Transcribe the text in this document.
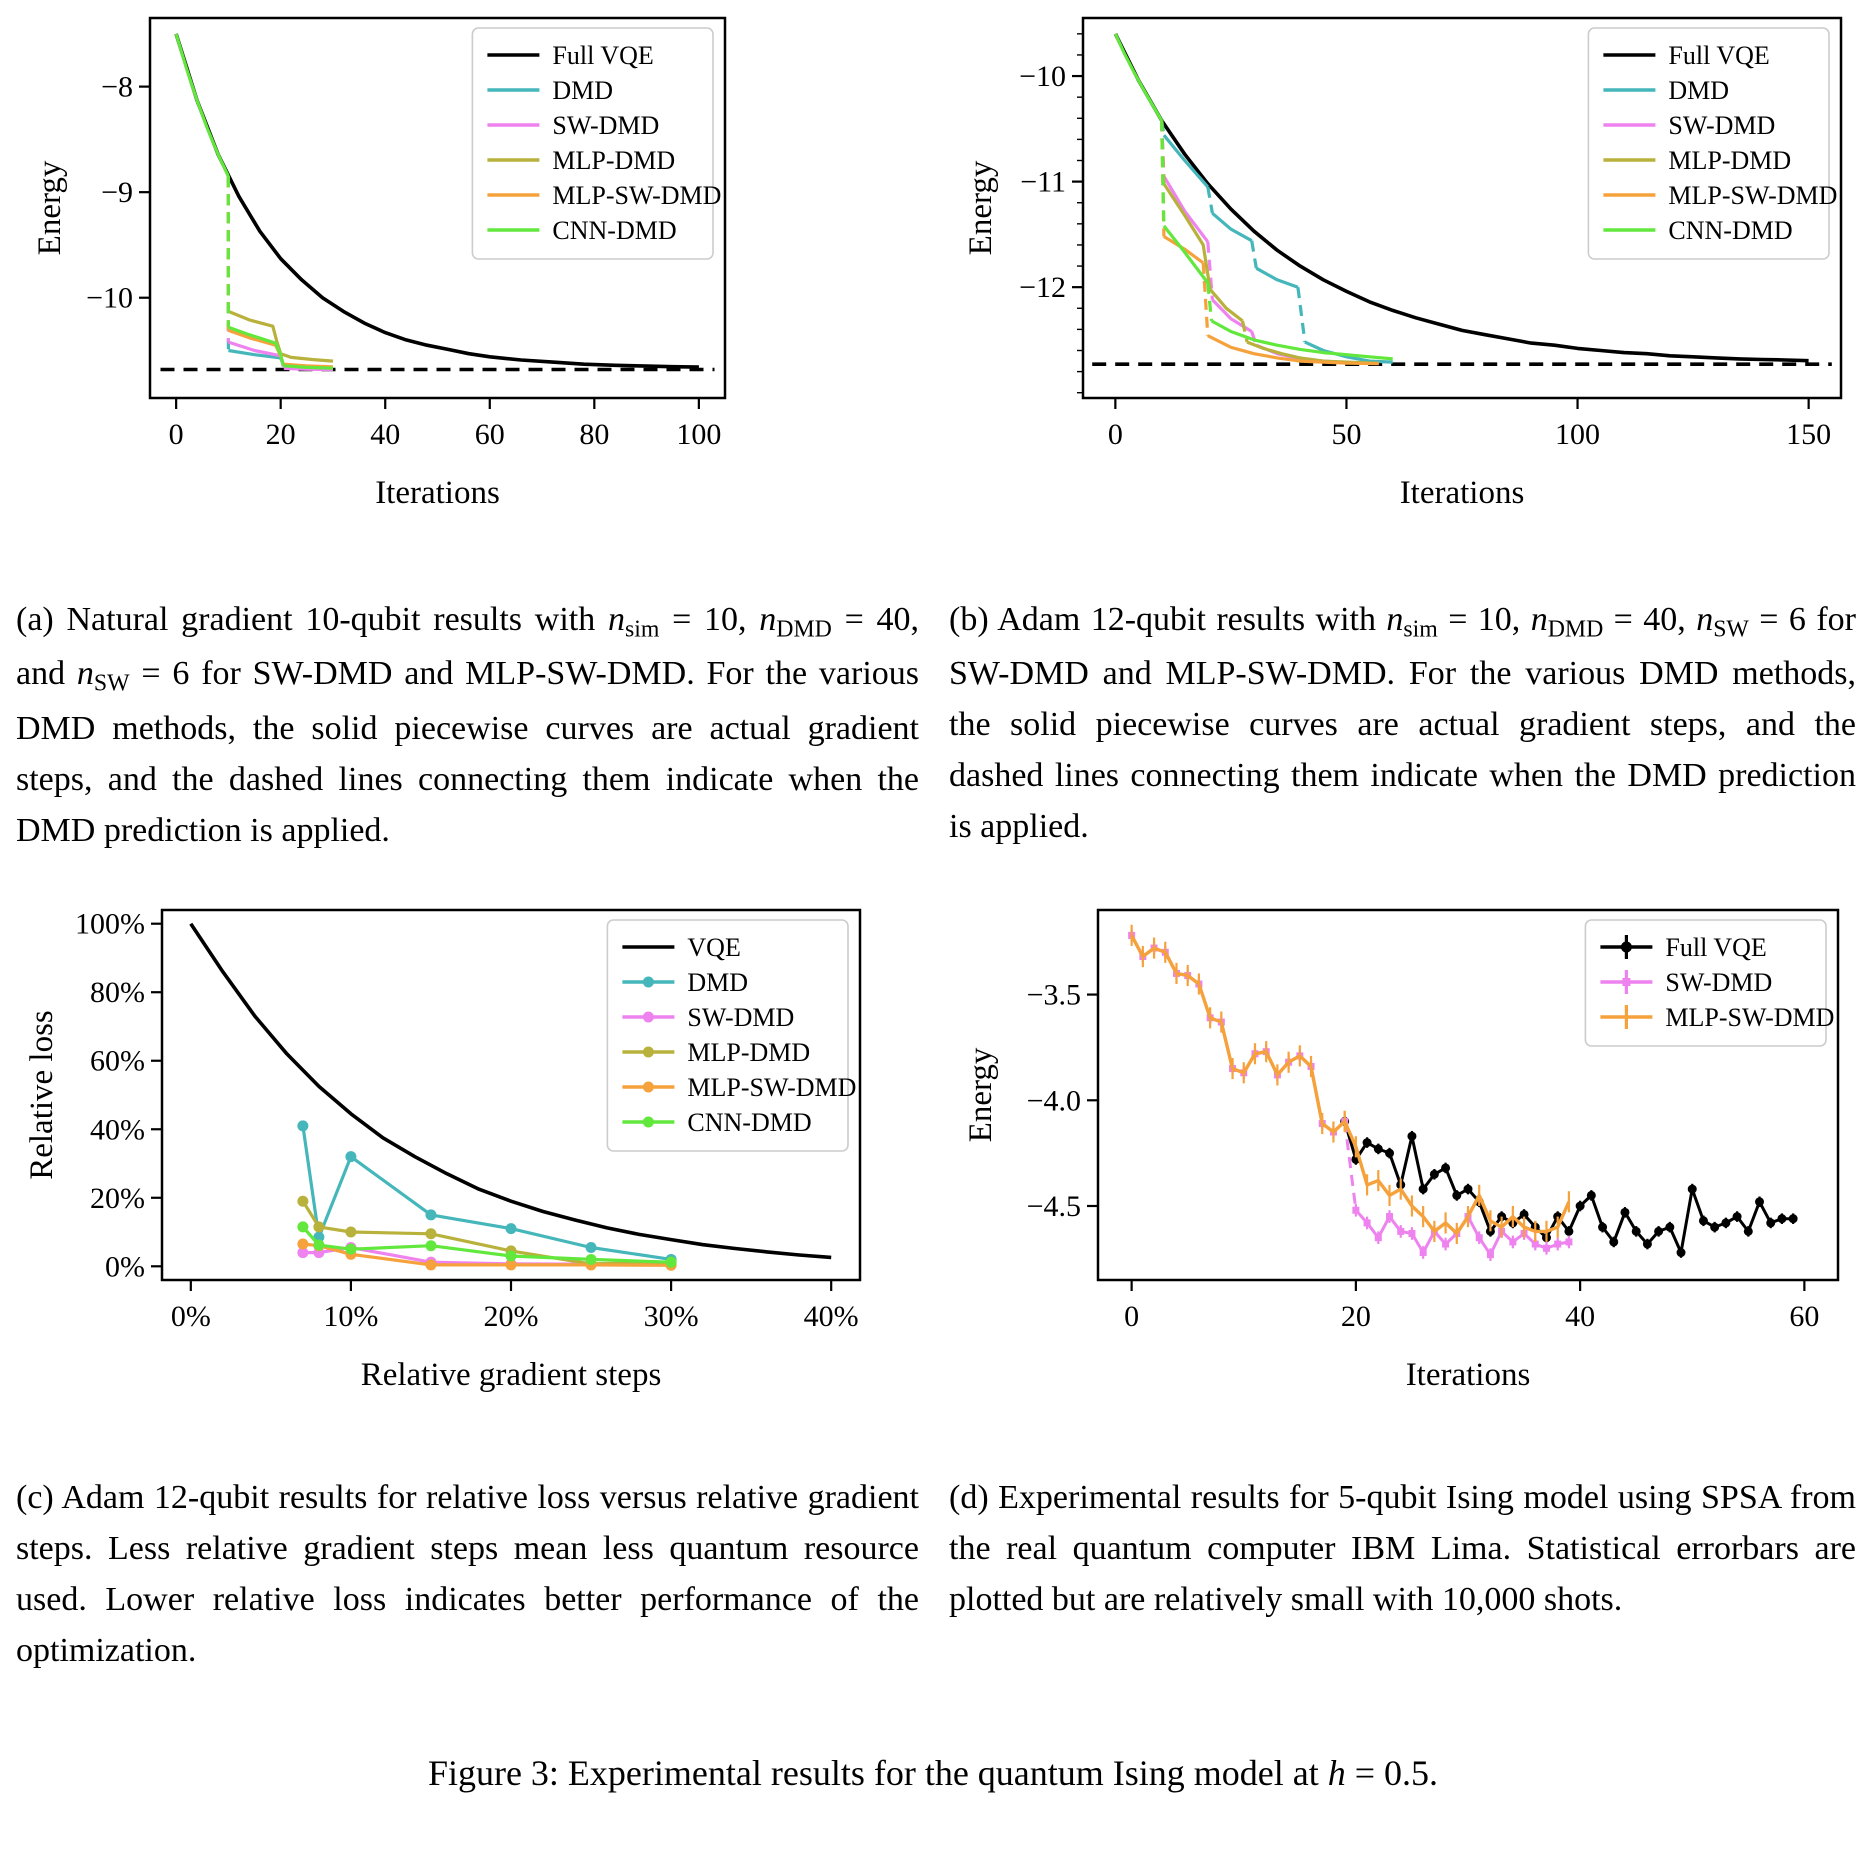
0	20 40 60 80 100
−8
−9
−10
Iterations
Energy
Full VQE
DMD
SW-DMD
MLP-DMD
MLP-SW-DMD
CNN-DMD
0	50	100	150
−10
−11
−12
Iterations
Energy
Full VQE
DMD
SW-DMD
MLP-DMD
MLP-SW-DMD
CNN-DMD
(a) Natural gradient 10-qubit results with $n_{sim} = 10$, $n_{DMD} = 40$, and $n_{SW} = 6$ for SW-DMD and MLP-SW-DMD. For the various DMD methods, the solid piecewise curves are actual gradient steps, and the dashed lines connecting them indicate when the DMD prediction is applied.
(b) Adam 12-qubit results with $n_{sim} = 10$, $n_{DMD} = 40$, $n_{SW} = 6$ for SW-DMD and MLP-SW-DMD. For the various DMD methods, the solid piecewise curves are actual gradient steps, and the dashed lines connecting them indicate when the DMD prediction is applied.
0%	10%	20%	30%	40%
0%
20%
40%
60%
80%
100%
Relative gradient steps
Relative loss
VQE
DMD
SW-DMD
MLP-DMD
MLP-SW-DMD
CNN-DMD
0	20	40	60
−3.5
−4.0
−4.5
Iterations
Energy
Full VQE
SW-DMD
MLP-SW-DMD
(c) Adam 12-qubit results for relative loss versus relative gradient steps. Less relative gradient steps mean less quantum resource used. Lower relative loss indicates better performance of the optimization.
(d) Experimental results for 5-qubit Ising model using SPSA from the real quantum computer IBM Lima. Statistical errorbars are plotted but are relatively small with 10,000 shots.
Figure 3: Experimental results for the quantum Ising model at h = 0.5.
